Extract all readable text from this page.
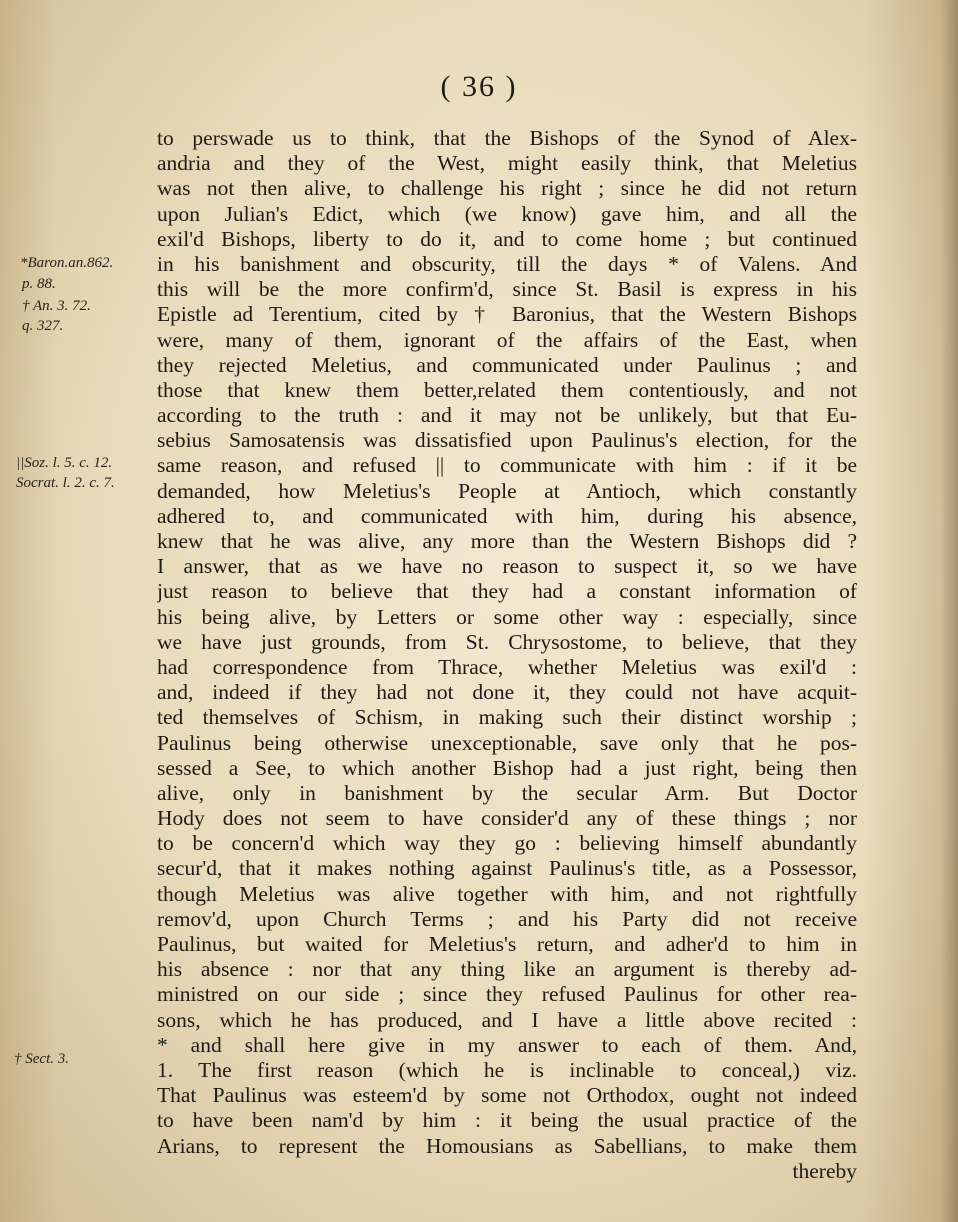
( 36 )
*Baron.an.862.
p. 88.
† An. 3. 72.
q. 327.
||Soz. l. 5. c. 12.
Socrat. l. 2. c. 7.
† Sect. 3.
to perswade us to think, that the Bishops of the Synod of Alex-
andria and they of the West, might easily think, that Meletius
was not then alive, to challenge his right ; since he did not return
upon Julian's Edict, which (we know) gave him, and all the
exil'd Bishops, liberty to do it, and to come home ; but continued
in his banishment and obscurity, till the days * of Valens. And
this will be the more confirm'd, since St. Basil is express in his
Epistle ad Terentium, cited by † Baronius, that the Western Bishops
were, many of them, ignorant of the affairs of the East, when
they rejected Meletius, and communicated under Paulinus ; and
those that knew them better,related them contentiously, and not
according to the truth : and it may not be unlikely, but that Eu-
sebius Samosatensis was dissatisfied upon Paulinus's election, for the
same reason, and refused || to communicate with him : if it be
demanded, how Meletius's People at Antioch, which constantly
adhered to, and communicated with him, during his absence,
knew that he was alive, any more than the Western Bishops did ?
I answer, that as we have no reason to suspect it, so we have
just reason to believe that they had a constant information of
his being alive, by Letters or some other way : especially, since
we have just grounds, from St. Chrysostome, to believe, that they
had correspondence from Thrace, whether Meletius was exil'd :
and, indeed if they had not done it, they could not have acquit-
ted themselves of Schism, in making such their distinct worship ;
Paulinus being otherwise unexceptionable, save only that he pos-
sessed a See, to which another Bishop had a just right, being then
alive, only in banishment by the secular Arm. But Doctor
Hody does not seem to have consider'd any of these things ; nor
to be concern'd which way they go : believing himself abundantly
secur'd, that it makes nothing against Paulinus's title, as a Possessor,
though Meletius was alive together with him, and not rightfully
remov'd, upon Church Terms ; and his Party did not receive
Paulinus, but waited for Meletius's return, and adher'd to him in
his absence : nor that any thing like an argument is thereby ad-
ministred on our side ; since they refused Paulinus for other rea-
sons, which he has produced, and I have a little above recited :
* and shall here give in my answer to each of them. And,
1. The first reason (which he is inclinable to conceal,) viz.
That Paulinus was esteem'd by some not Orthodox, ought not indeed
to have been nam'd by him : it being the usual practice of the
Arians, to represent the Homousians as Sabellians, to make them
thereby
